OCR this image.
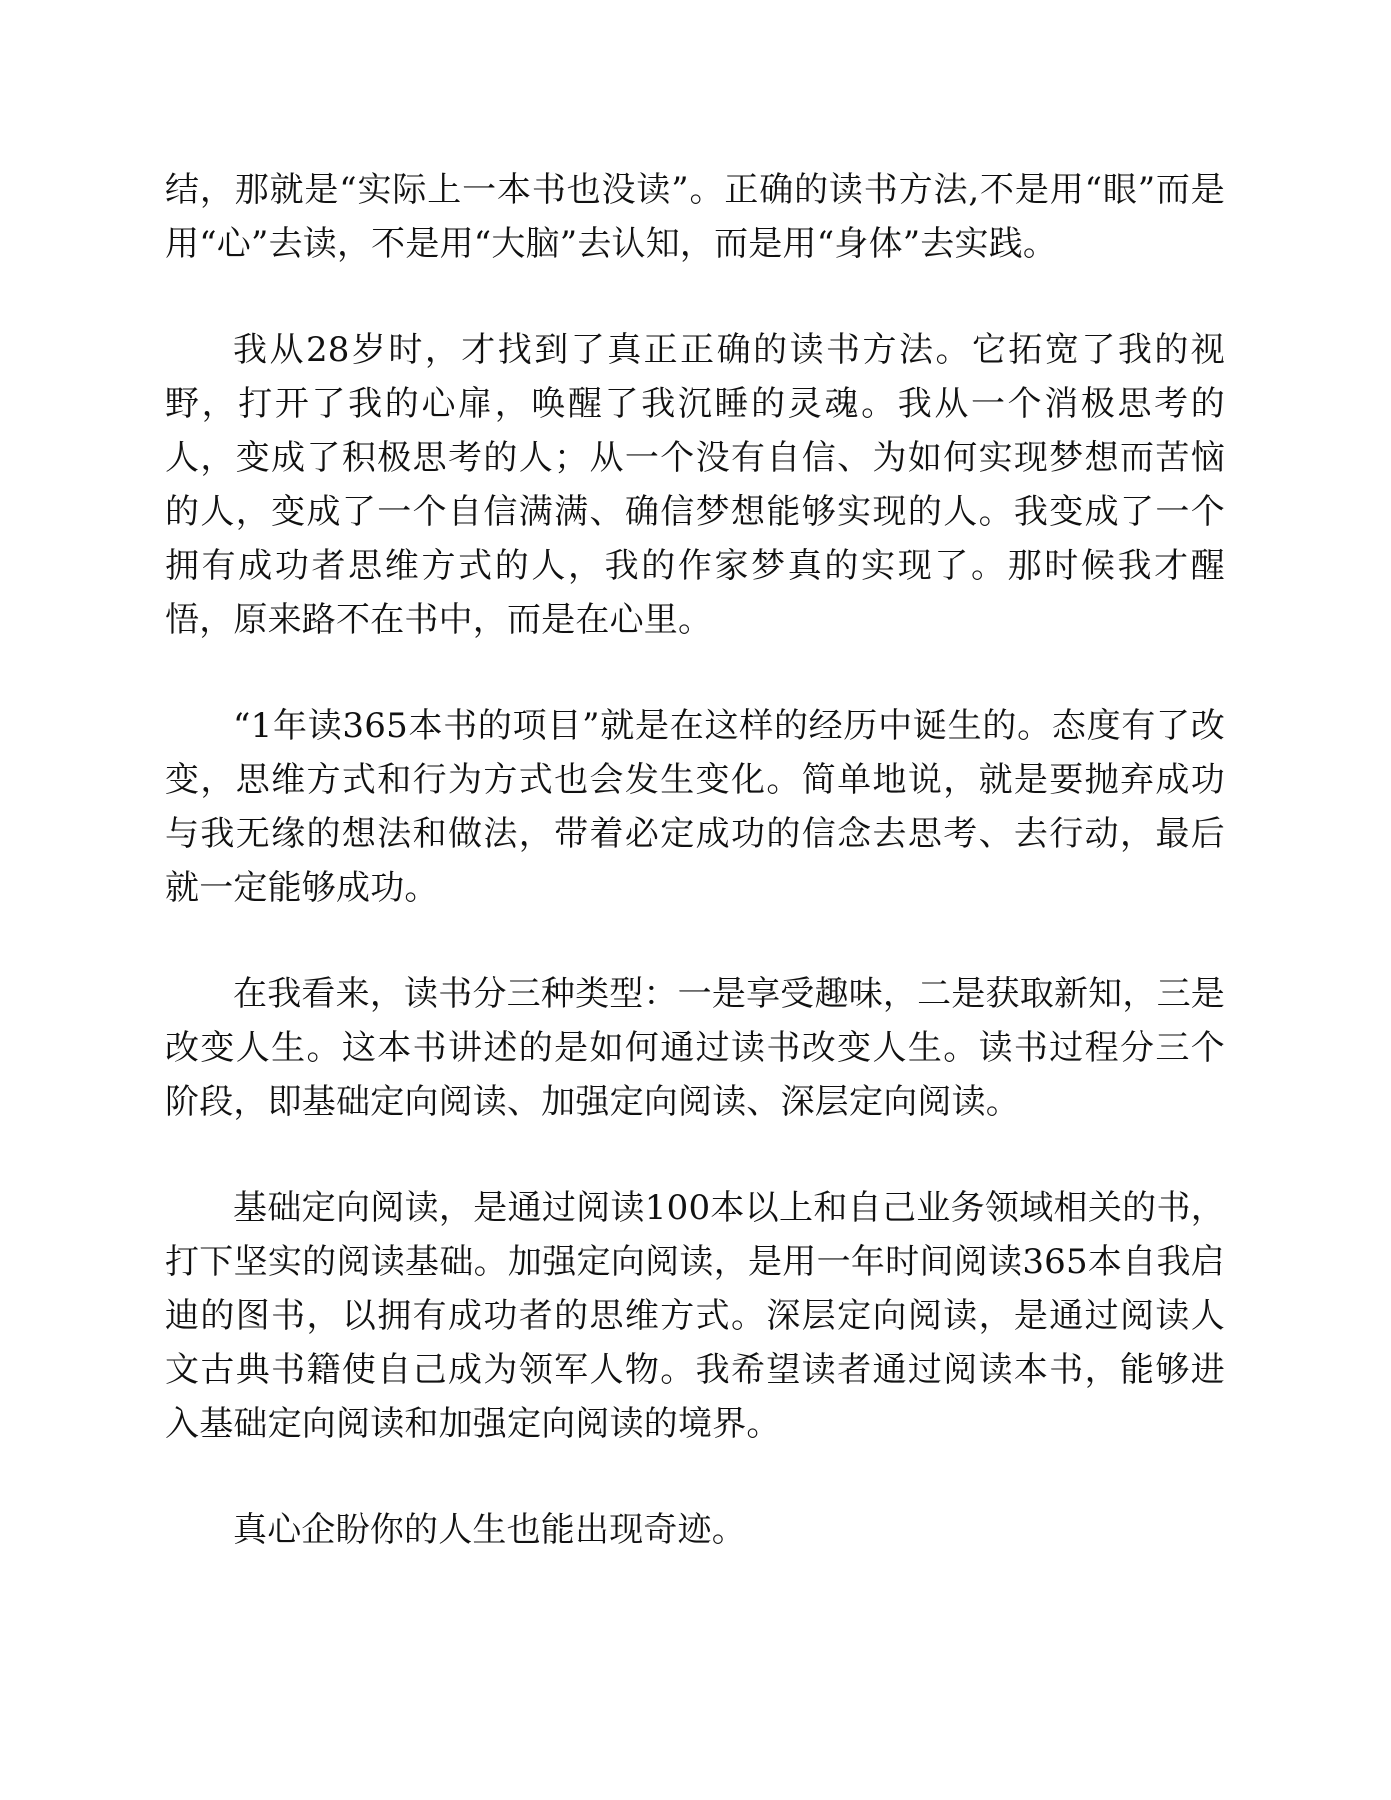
结，那就是“实际上一本书也没读”。正确的读书方法,不是用“眼”而是用“心”去读，不是用“大脑”去认知，而是用“身体”去实践。

我从28岁时，才找到了真正正确的读书方法。它拓宽了我的视野，打开了我的心扉，唤醒了我沉睡的灵魂。我从一个消极思考的人，变成了积极思考的人；从一个没有自信、为如何实现梦想而苦恼的人，变成了一个自信满满、确信梦想能够实现的人。我变成了一个拥有成功者思维方式的人，我的作家梦真的实现了。那时候我才醒悟，原来路不在书中，而是在心里。

“1年读365本书的项目”就是在这样的经历中诞生的。态度有了改变，思维方式和行为方式也会发生变化。简单地说，就是要抛弃成功与我无缘的想法和做法，带着必定成功的信念去思考、去行动，最后就一定能够成功。

在我看来，读书分三种类型：一是享受趣味，二是获取新知，三是改变人生。这本书讲述的是如何通过读书改变人生。读书过程分三个阶段，即基础定向阅读、加强定向阅读、深层定向阅读。

基础定向阅读，是通过阅读100本以上和自己业务领域相关的书，打下坚实的阅读基础。加强定向阅读，是用一年时间阅读365本自我启迪的图书，以拥有成功者的思维方式。深层定向阅读，是通过阅读人文古典书籍使自己成为领军人物。我希望读者通过阅读本书，能够进入基础定向阅读和加强定向阅读的境界。

真心企盼你的人生也能出现奇迹。
